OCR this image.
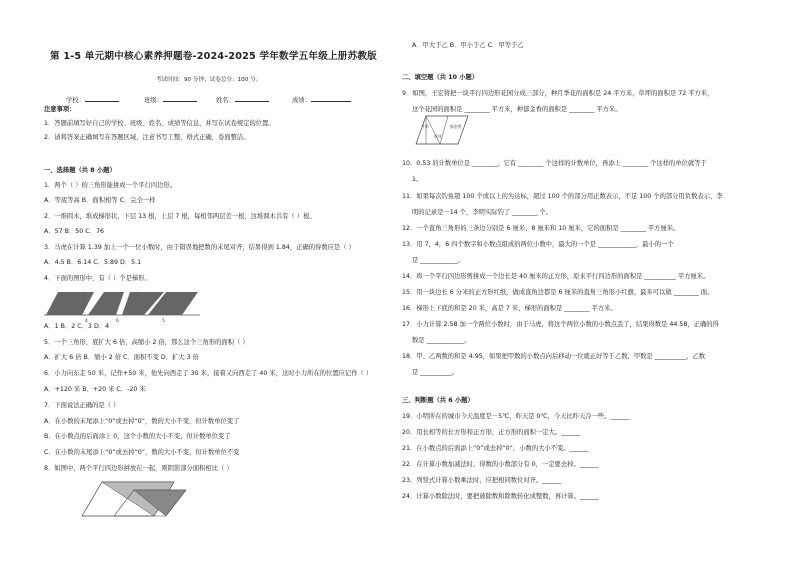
第 1-5 单元期中核心素养押题卷-2024-2025 学年数学五年级上册苏教版
考试时间：90 分钟；试卷总分：100 分；
学校：	班级：	姓名：	成绩：
注意事项：
1．答题前填写好自己的学校、班级、姓名、成绩等信息，并写在试卷规定的位置。
2．请将答案正确填写在答题区域，注意书写工整，格式正确，卷面整洁。
一、选择题（共 8 小题）
1．两个（ ）的三角形能拼成一个平行四边形。
A．等底等高 B．面积相等 C．完全一样
2．一堆圆木，堆成梯形状，下层 13 根，上层 7 根，每相邻两层差一根，这堆圆木共有（ ）根。
A．57 B．50 C．76
3．马虎在计算 1.39 加上一个一位小数时，由于错误地把数的末尾对齐，结果得到 1.84，正确的得数应是（ ）
A．4.5 B．6.14 C．5.89 D．5.1
4．下面的图形中，有（ ）个是梯形。
4	6	5
A．1 B．2 C．3 D．4
5．一个三角形，底扩大 6 倍，高缩小 2 倍，那么这个三角形的面积（ ）
A．扩大 6 倍 B．缩小 2 倍 C．面积不变 D．扩大 3 倍
6．小力向东走 50 米，记作+50 米，他先向西走了 30 米，接着又向西走了 40 米，这时小力所在的位置应记作（ ）
A．+120 米 B．+20 米 C．-20 米
7．下面说法正确的是（ ）
A．在小数的末尾添上“0”或去掉“0”，数的大小不变，但计数单位变了
B．在小数点的后面添上 0，这个小数的大小不变，但计数单位变了
C．在小数的末尾添上“0”或去掉“0”，数的大小不变，但计数单位不变
8．如图中，两个平行四边形拼放在一起，则阴影部分面积相比（ ）
A．甲大于乙 B．甲小于乙 C．甲等于乙
二、填空题（共 10 小题）
9．如图，王宏将把一块平行四边形花园分成三部分，种月季花的面积是 24 平方米，草坪的面积是 72 平方米，
这个花园的面积是 ________ 平方米，种郁金香的面积是 ________ 平方米。
月季	郁金香
草坪
10．0.53 的计数单位是 ________，它有 ________ 个这样的计数单位，再添上 ________ 个这样的单位就等于
1。
11．如果每次钓鱼超 100 个或以上的为达标，超过 100 个的部分用正数表示，不足 100 个的部分用负数表示，李
明的记录是－14 个，李明实际钓了 ________ 个。
12．一个直角三角形的三条边分别是 6 厘米、8 厘米和 10 厘米，它的面积是 ________ 平方厘米。
13．用 7，4，6 四个数字和小数点组成的两位小数中，最大的一个是 ____________，最小的一个
是 ____________。
14．将一个平行四边形剪拼成一个边长是 40 厘米的正方形，原来平行四边形的面积是 __________ 平方厘米。
15．用一块边长 6 分米的正方形红纸，做成直角边都是 6 厘米的直角三角形小红旗，最多可以做 ________ 面。
16．梯形上下底的和是 20 米，高是 7 米，梯形的面积是 ________ 平方米。
17．小力计算 2.58 加一个两位小数时，由于马虎，将这个两位小数的小数点丢了，结果得数是 44.58，正确的得
数是 ____________。
18．甲、乙两数的和是 4.95，如果把甲数的小数点向后移动一位就正好等于乙数，甲数是 __________，乙数
是 __________。
三、判断题（共 6 小题）
19．小明所在的城市今天温度是－5℃，昨天是 0℃，今天比昨天冷一些。______
20．用长相等的长方形和正方形，正方形的面积一定大。______
21．在小数点的后面添上“0”或去掉“0”，小数的大小不变。______
22．在计算小数加减法时，得数的小数部分有 0，一定要去掉。______
23．列竖式计算小数乘法时，应把相同数位对齐。______
24．计算小数除法时，要把被除数和除数转化成整数，再计算。______
